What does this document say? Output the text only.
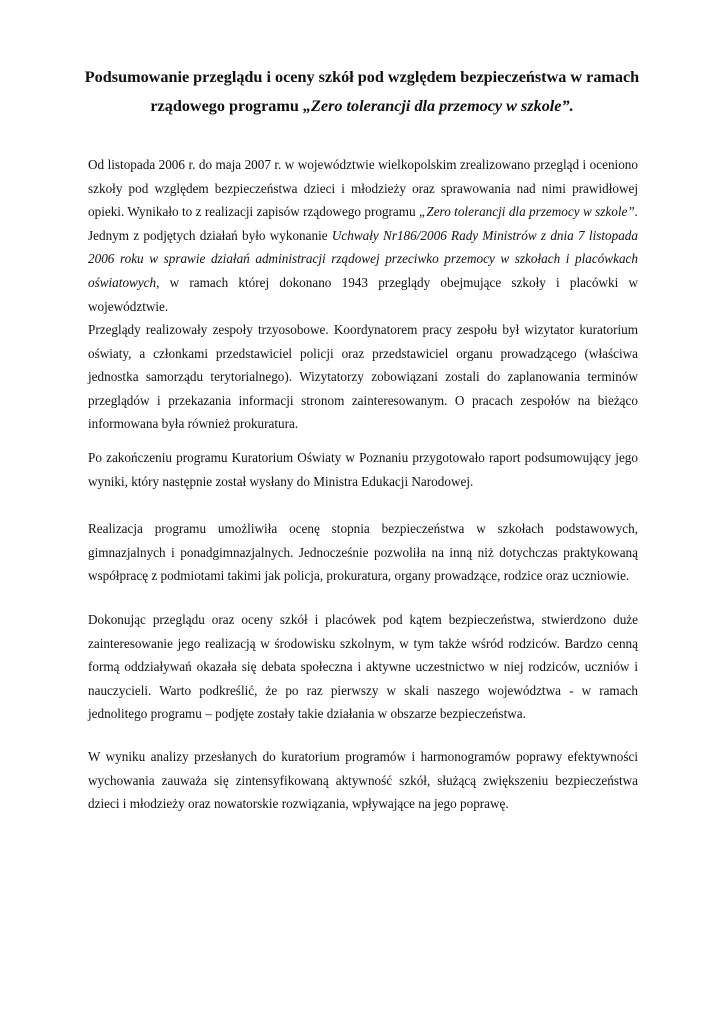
Podsumowanie przeglądu i oceny szkół pod względem bezpieczeństwa w ramach
rządowego programu „Zero tolerancji dla przemocy w szkole”.

Od listopada 2006 r. do maja 2007 r. w województwie wielkopolskim zrealizowano przegląd i oceniono szkoły pod względem bezpieczeństwa dzieci i młodzieży oraz sprawowania nad nimi prawidłowej opieki. Wynikało to z realizacji zapisów rządowego programu „Zero tolerancji dla przemocy w szkole”. Jednym z podjętych działań było wykonanie Uchwały Nr186/2006 Rady Ministrów z dnia 7 listopada 2006 roku w sprawie działań administracji rządowej przeciwko przemocy w szkołach i placówkach oświatowych, w ramach której dokonano 1943 przeglądy obejmujące szkoły i placówki w województwie.

Przeglądy realizowały zespoły trzyosobowe. Koordynatorem pracy zespołu był wizytator kuratorium oświaty, a członkami przedstawiciel policji oraz przedstawiciel organu prowadzącego (właściwa jednostka samorządu terytorialnego). Wizytatorzy zobowiązani zostali do zaplanowania terminów przeglądów i przekazania informacji stronom zainteresowanym. O pracach zespołów na bieżąco informowana była również prokuratura.

Po zakończeniu programu Kuratorium Oświaty w Poznaniu przygotowało raport podsumowujący jego wyniki, który następnie został wysłany do Ministra Edukacji Narodowej.

Realizacja programu umożliwiła ocenę stopnia bezpieczeństwa w szkołach podstawowych, gimnazjalnych i ponadgimnazjalnych. Jednocześnie pozwoliła na inną niż dotychczas praktykowaną współpracę z podmiotami takimi jak policja, prokuratura, organy prowadzące, rodzice oraz uczniowie.

Dokonując przeglądu oraz oceny szkół i placówek pod kątem bezpieczeństwa, stwierdzono duże zainteresowanie jego realizacją w środowisku szkolnym, w tym także wśród rodziców. Bardzo cenną formą oddziaływań okazała się debata społeczna i aktywne uczestnictwo w niej rodziców, uczniów i nauczycieli. Warto podkreślić, że po raz pierwszy w skali naszego województwa - w ramach jednolitego programu – podjęte zostały takie działania w obszarze bezpieczeństwa.

W wyniku analizy przesłanych do kuratorium programów i harmonogramów poprawy efektywności wychowania zauważa się zintensyfikowaną aktywność szkół, służącą zwiększeniu bezpieczeństwa dzieci i młodzieży oraz nowatorskie rozwiązania, wpływające na jego poprawę.
